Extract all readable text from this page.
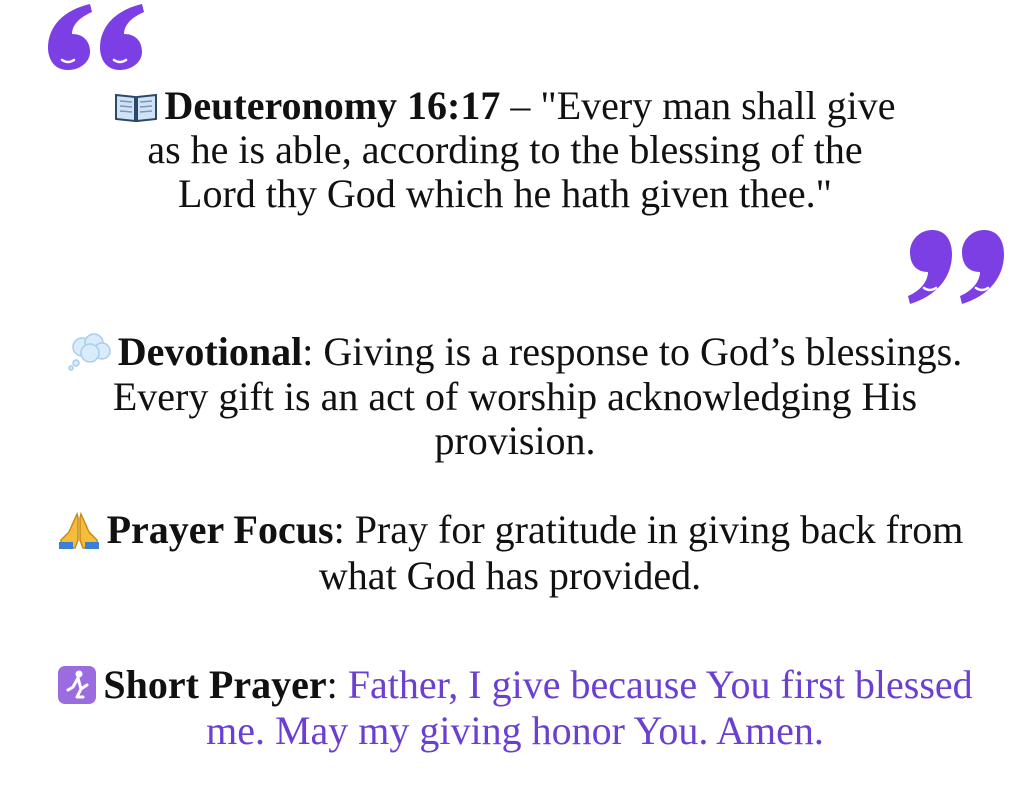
Deuteronomy 16:17 – "Every man shall give
as he is able, according to the blessing of the
Lord thy God which he hath given thee."
Devotional: Giving is a response to God’s blessings.
Every gift is an act of worship acknowledging His
provision.
Prayer Focus: Pray for gratitude in giving back from
what God has provided.
Short Prayer: Father, I give because You first blessed
me. May my giving honor You. Amen.
